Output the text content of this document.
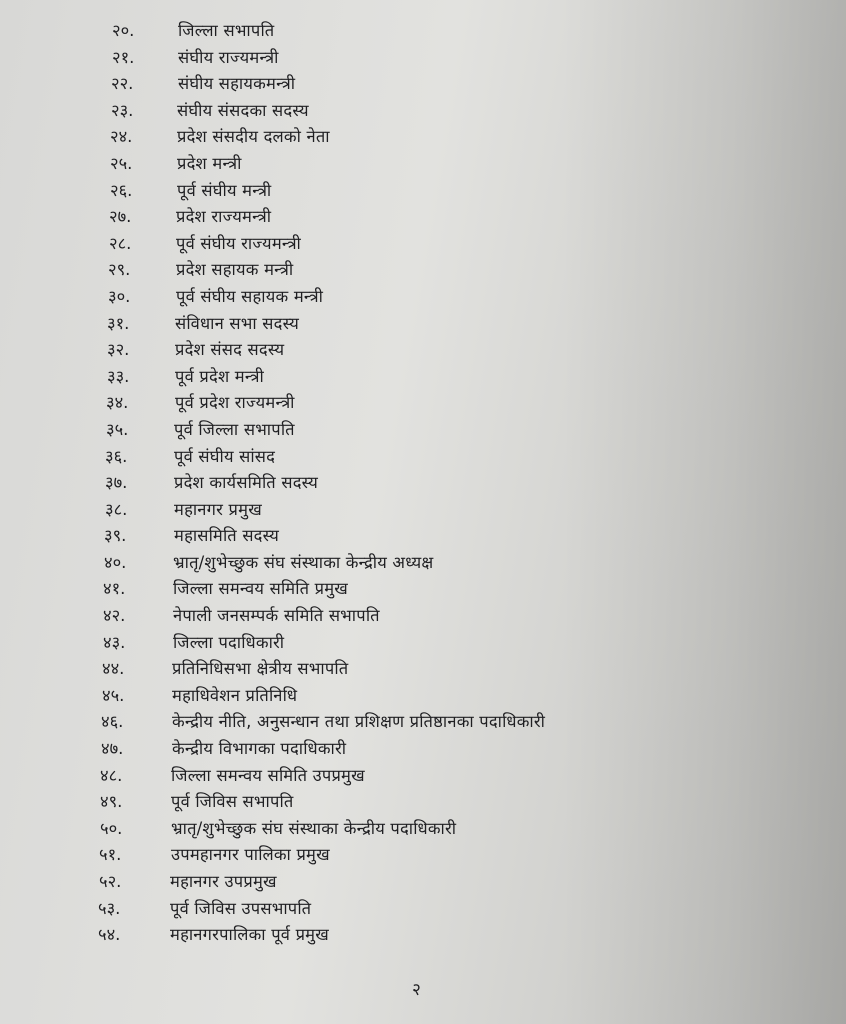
२०.	जिल्ला सभापति
२१.	संघीय राज्यमन्त्री
२२.	संघीय सहायकमन्त्री
२३.	संघीय संसदका सदस्य
२४.	प्रदेश संसदीय दलको नेता
२५.	प्रदेश मन्त्री
२६.	पूर्व संघीय मन्त्री
२७.	प्रदेश राज्यमन्त्री
२८.	पूर्व संघीय राज्यमन्त्री
२९.	प्रदेश सहायक मन्त्री
३०.	पूर्व संघीय सहायक मन्त्री
३१.	संविधान सभा सदस्य
३२.	प्रदेश संसद सदस्य
३३.	पूर्व प्रदेश मन्त्री
३४.	पूर्व प्रदेश राज्यमन्त्री
३५.	पूर्व जिल्ला सभापति
३६.	पूर्व संघीय सांसद
३७.	प्रदेश कार्यसमिति सदस्य
३८.	महानगर प्रमुख
३९.	महासमिति सदस्य
४०.	भ्रातृ/शुभेच्छुक संघ संस्थाका केन्द्रीय अध्यक्ष
४१.	जिल्ला समन्वय समिति प्रमुख
४२.	नेपाली जनसम्पर्क समिति सभापति
४३.	जिल्ला पदाधिकारी
४४.	प्रतिनिधिसभा क्षेत्रीय सभापति
४५.	महाधिवेशन प्रतिनिधि
४६.	केन्द्रीय नीति, अनुसन्धान तथा प्रशिक्षण प्रतिष्ठानका पदाधिकारी
४७.	केन्द्रीय विभागका पदाधिकारी
४८.	जिल्ला समन्वय समिति उपप्रमुख
४९.	पूर्व जिविस सभापति
५०.	भ्रातृ/शुभेच्छुक संघ संस्थाका केन्द्रीय पदाधिकारी
५१.	उपमहानगर पालिका प्रमुख
५२.	महानगर उपप्रमुख
५३.	पूर्व जिविस उपसभापति
५४.	महानगरपालिका पूर्व प्रमुख
२
